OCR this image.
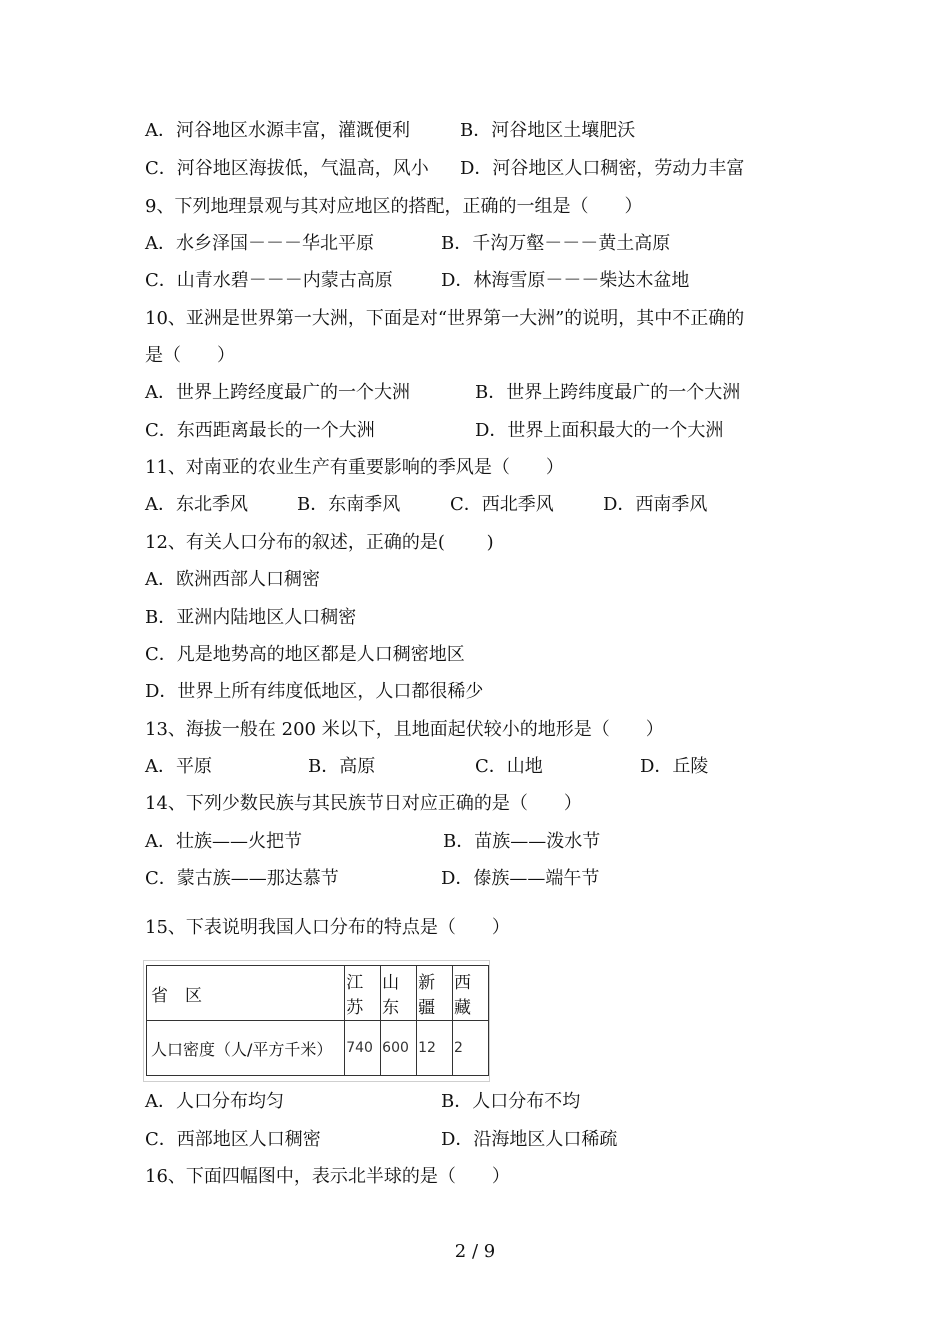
A．河谷地区水源丰富，灌溉便利	B．河谷地区土壤肥沃
C．河谷地区海拔低，气温高，风小 D．河谷地区人口稠密，劳动力丰富
9、下列地理景观与其对应地区的搭配，正确的一组是（　　）
A．水乡泽国－－－华北平原	B．千沟万壑－－－黄土高原
C．山青水碧－－－内蒙古高原	D．林海雪原－－－柴达木盆地
10、亚洲是世界第一大洲，下面是对“世界第一大洲”的说明，其中不正确的
是（　　）
A．世界上跨经度最广的一个大洲	B．世界上跨纬度最广的一个大洲
C．东西距离最长的一个大洲	D．世界上面积最大的一个大洲
11、对南亚的农业生产有重要影响的季风是（　　）
A．东北季风	B．东南季风	C．西北季风	D．西南季风
12、有关人口分布的叙述，正确的是(　　 )
A．欧洲西部人口稠密
B．亚洲内陆地区人口稠密
C．凡是地势高的地区都是人口稠密地区
D．世界上所有纬度低地区，人口都很稀少
13、海拔一般在 200 米以下，且地面起伏较小的地形是（　　）
A．平原	B．高原	C．山地	D．丘陵
14、下列少数民族与其民族节日对应正确的是（　　）
A．壮族——火把节	B．苗族——泼水节
C．蒙古族——那达慕节	D．傣族——端午节
15、下表说明我国人口分布的特点是（　　）
省　区	江苏	山东	新疆	西藏
人口密度（人/平方千米）	740	600	12	2
A．人口分布均匀	B．人口分布不均
C．西部地区人口稠密	D．沿海地区人口稀疏
16、下面四幅图中，表示北半球的是（　　）
2 / 9
